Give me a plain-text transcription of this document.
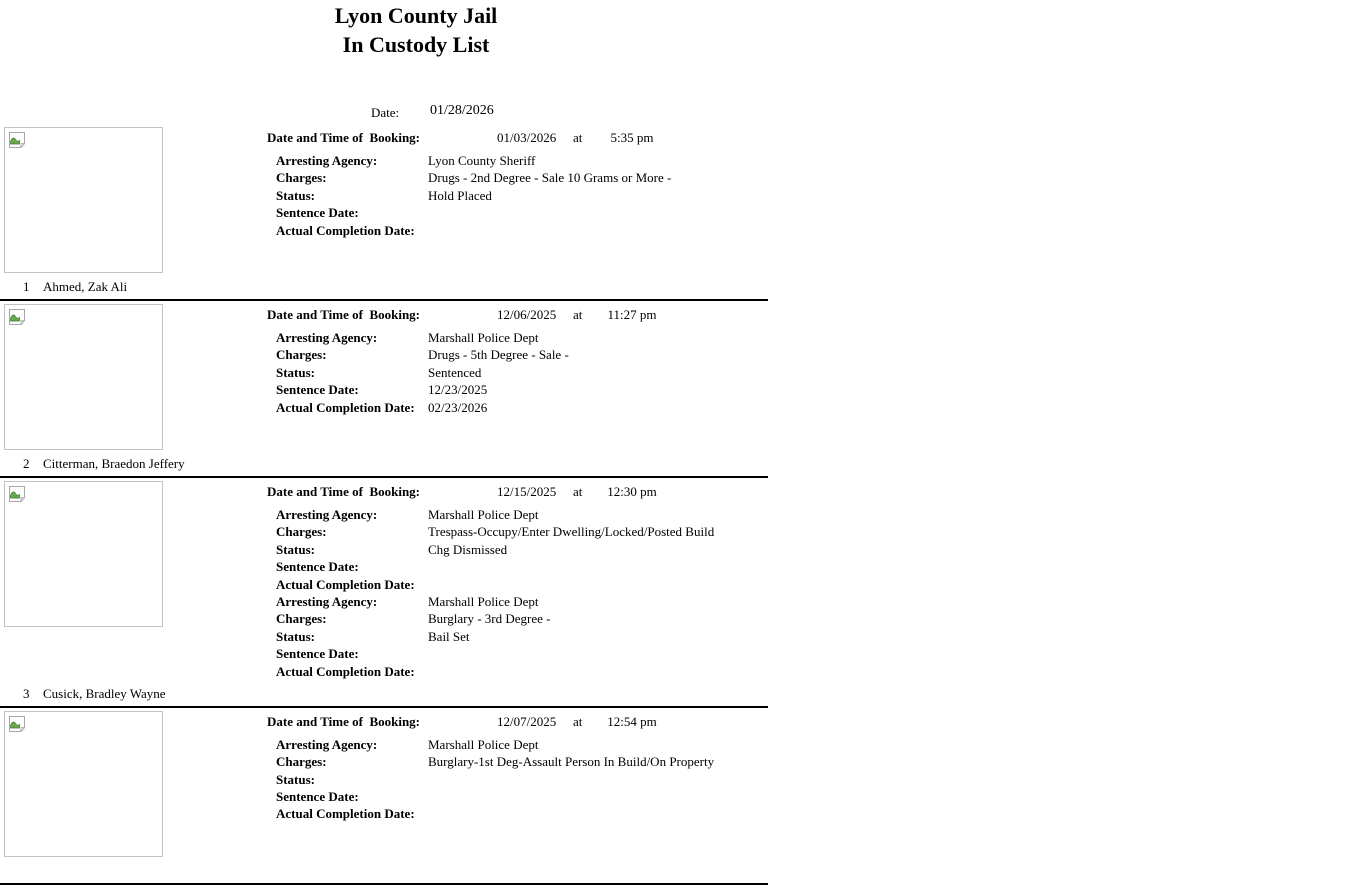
Lyon County Jail
In Custody List
Date: 01/28/2026
Date and Time of  Booking:	01/03/2026 at	5:35 pm
Arresting Agency:	Lyon County Sheriff
Charges:	Drugs - 2nd Degree - Sale 10 Grams or More -
Status:	Hold Placed
Sentence Date:
Actual Completion Date:
1 Ahmed, Zak Ali
Date and Time of  Booking:	12/06/2025 at	11:27 pm
Arresting Agency:	Marshall Police Dept
Charges:	Drugs - 5th Degree - Sale -
Status:	Sentenced
Sentence Date:	12/23/2025
Actual Completion Date: 02/23/2026
2 Citterman, Braedon Jeffery
Date and Time of  Booking:	12/15/2025 at	12:30 pm
Arresting Agency:	Marshall Police Dept
Charges:	Trespass-Occupy/Enter Dwelling/Locked/Posted Build
Status:	Chg Dismissed
Sentence Date:
Actual Completion Date:
Arresting Agency:	Marshall Police Dept
Charges:	Burglary - 3rd Degree -
Status:	Bail Set
Sentence Date:
Actual Completion Date:
3 Cusick, Bradley Wayne
Date and Time of  Booking:	12/07/2025 at	12:54 pm
Arresting Agency:	Marshall Police Dept
Charges:	Burglary-1st Deg-Assault Person In Build/On Property
Status:
Sentence Date:
Actual Completion Date:
